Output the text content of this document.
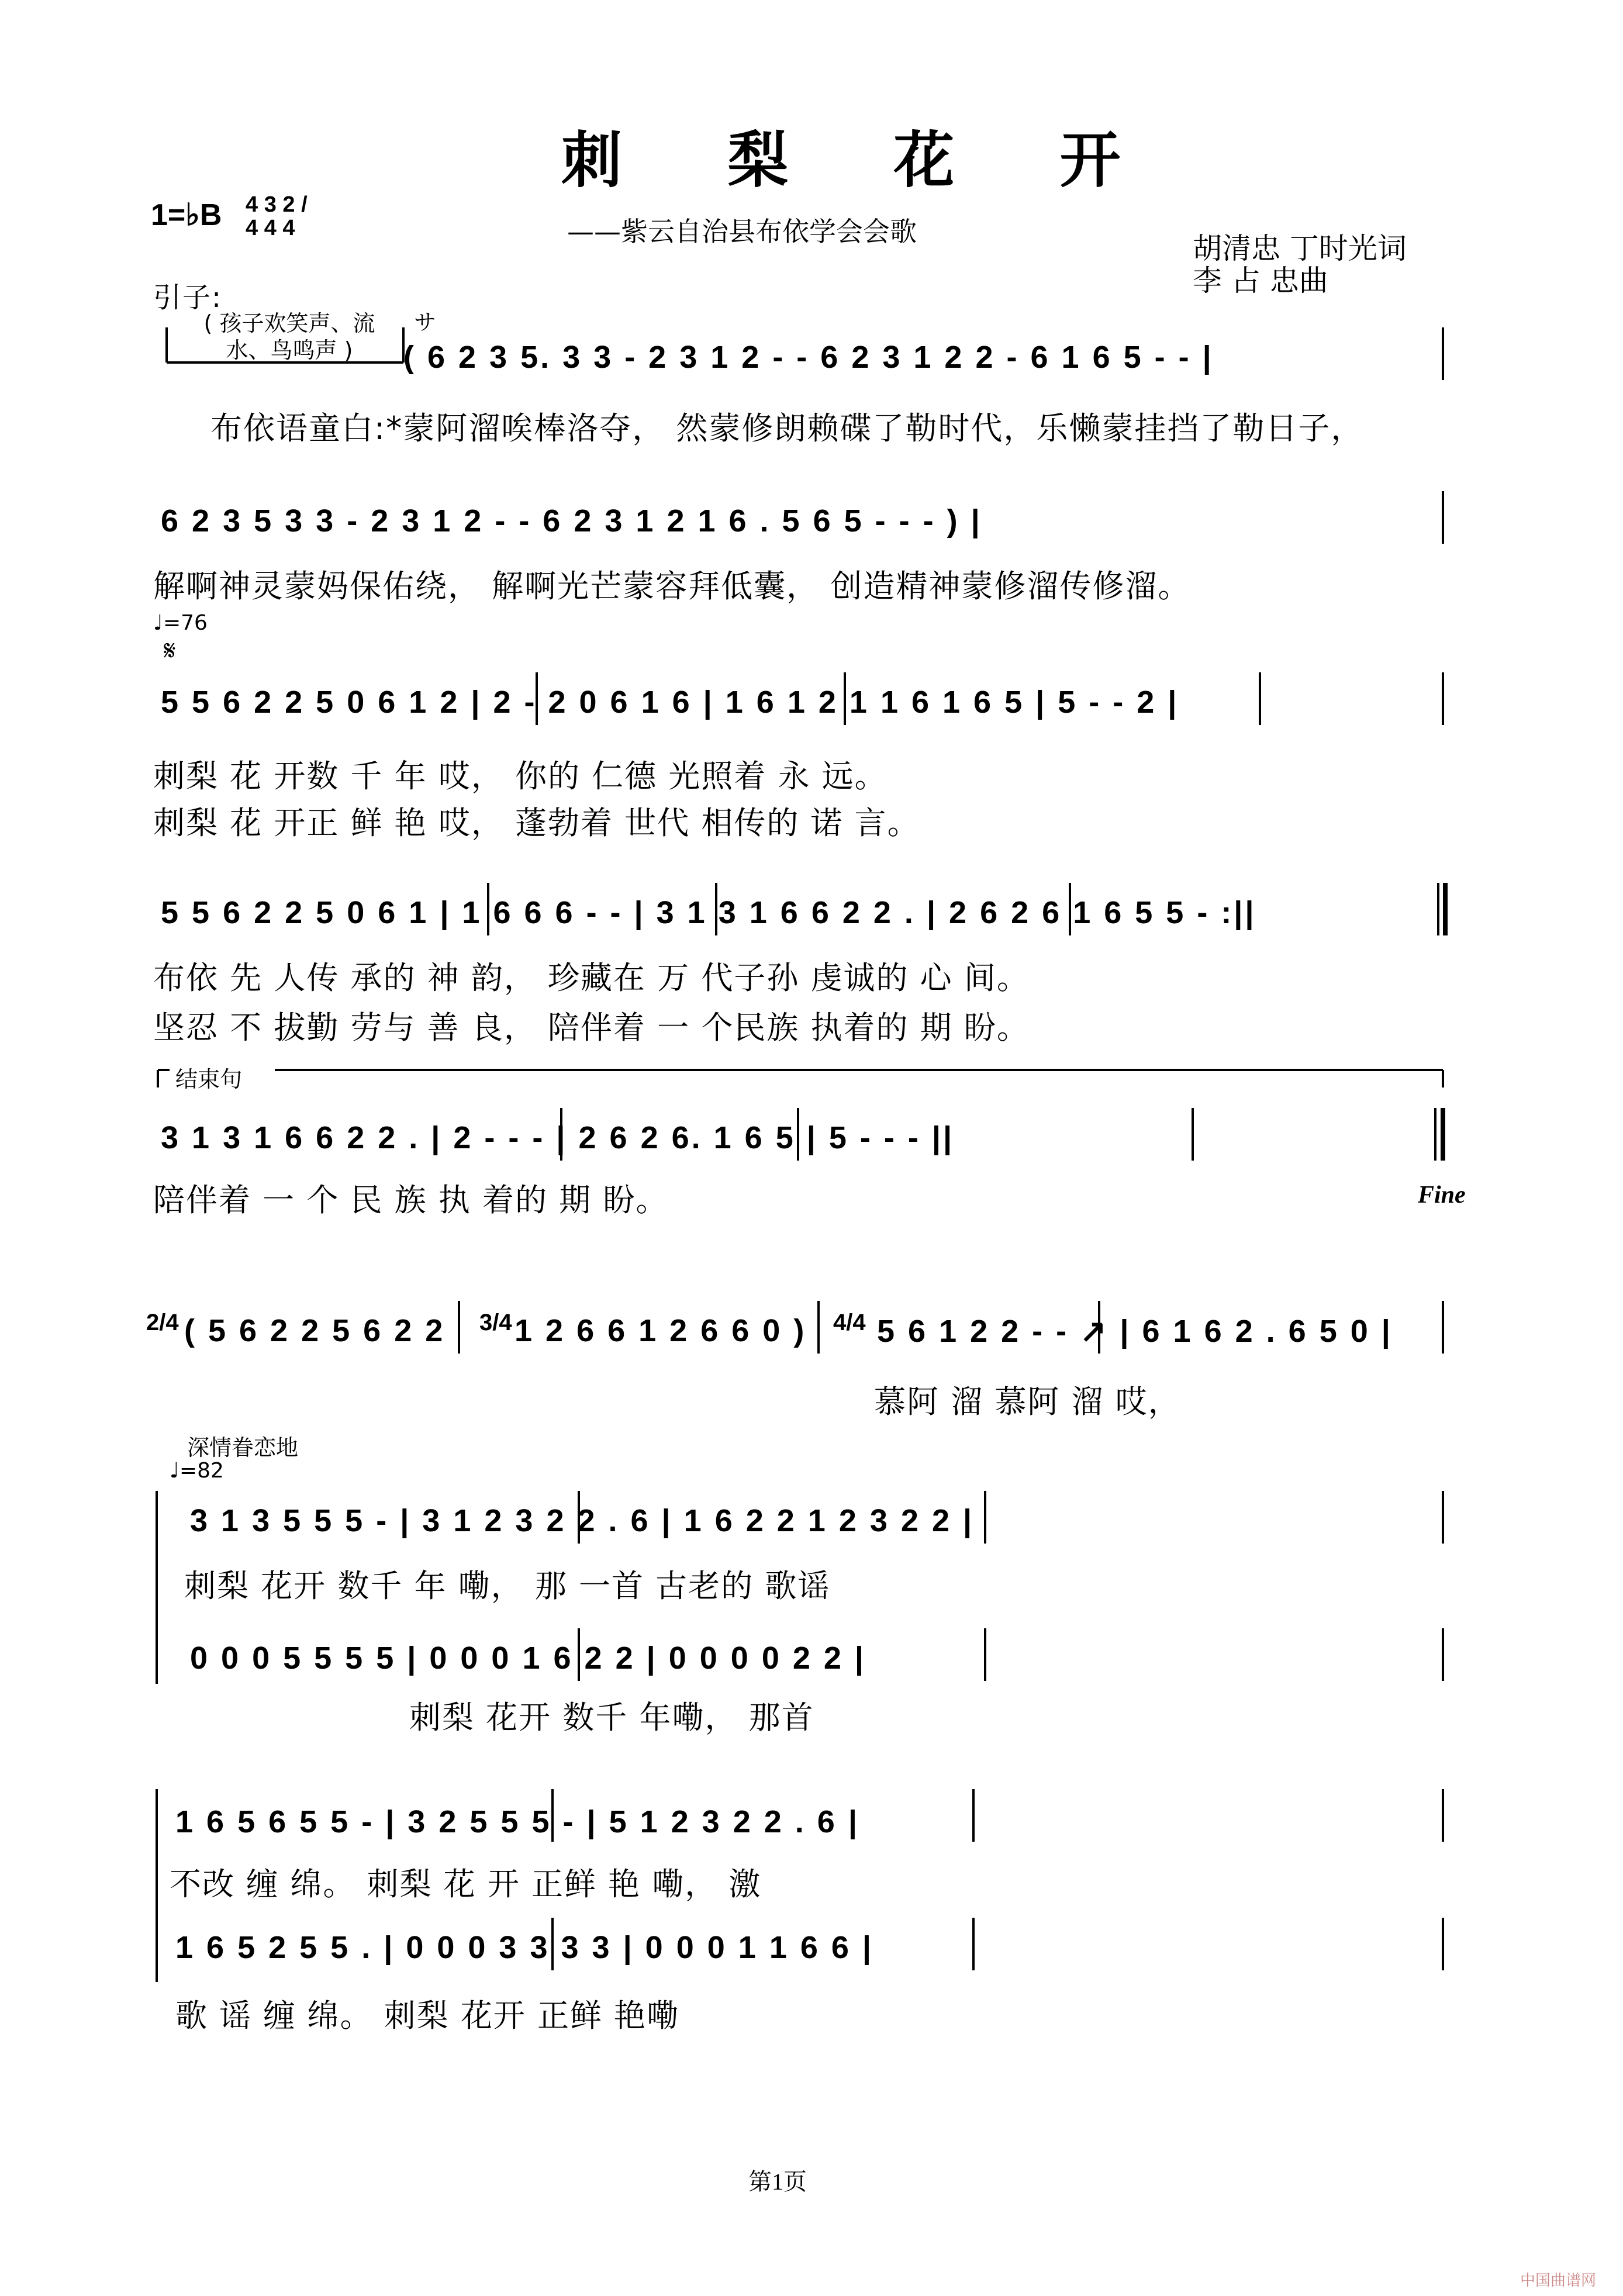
刺 梨 花 开
1=♭B 4 3 2 / 4 4 4	——紫云自治县布依学会会歌	胡清忠 丁时光词
李 占 忠曲
引子:
( 孩子欢笑声、流水、鸟鸣声 )
サ
( 6 2 3 5. 3 3 - 2 3 1 2 - - 6 2 3 1 2 2 - 6 1 6 5 - - |
布依语童白:*蒙阿溜唉棒洛夺， 然蒙修朗赖碟了勒时代，乐懒蒙挂挡了勒日子，
6 2 3 5 3 3 - 2 3 1 2 - - 6 2 3 1 2 1 6 . 5 6 5 - - - ) |
解啊神灵蒙妈保佑绕， 解啊光芒蒙容拜低囊， 创造精神蒙修溜传修溜。
♩=76
𝄋
5 5 6 2 2 5 0 6 1 2 | 2 - 2 0 6 1 6 | 1 6 1 2 1 1 6 1 6 5 | 5 - - 2 |
刺梨 花 开数 千 年 哎， 你的 仁德 光照着 永 远。
刺梨 花 开正 鲜 艳 哎， 蓬勃着 世代 相传的 诺 言。
5 5 6 2 2 5 0 6 1 | 1 6 6 6 - - | 3 1 3 1 6 6 2 2 . | 2 6 2 6 1 6 5 5 - :||
布依 先 人传 承的 神 韵， 珍藏在 万 代子孙 虔诚的 心 间。
坚忍 不 拔勤 劳与 善 良， 陪伴着 一 个民族 执着的 期 盼。
结束句
3 1 3 1 6 6 2 2 . | 2 - - - | 2 6 2 6. 1 6 5 | 5 - - - ||
陪伴着 一 个 民 族 执 着的 期 盼。	Fine
2/4 ( 5 6 2 2 5 6 2 2 3/4 1 2 6 6 1 2 6 6 0 ) 4/4 5 6 1 2 2 - - ↗ | 6 1 6 2 . 6 5 0 |
慕阿 溜 慕阿 溜 哎，
深情眷恋地
♩=82
3 1 3 5 5 5 - | 3 1 2 3 2 2 . 6 | 1 6 2 2 1 2 3 2 2 |
刺梨 花开 数千 年 嘞， 那 一首 古老的 歌谣
0 0 0 5 5 5 5 | 0 0 0 1 6 2 2 | 0 0 0 0 2 2 |
刺梨 花开 数千 年嘞， 那首
1 6 5 6 5 5 - | 3 2 5 5 5 - | 5 1 2 3 2 2 . 6 |
不改 缠 绵。 刺梨 花 开 正鲜 艳 嘞， 激
1 6 5 2 5 5 . | 0 0 0 3 3 3 3 | 0 0 0 1 1 6 6 |
歌 谣 缠 绵。 刺梨 花开 正鲜 艳嘞
第1页
中国曲谱网
